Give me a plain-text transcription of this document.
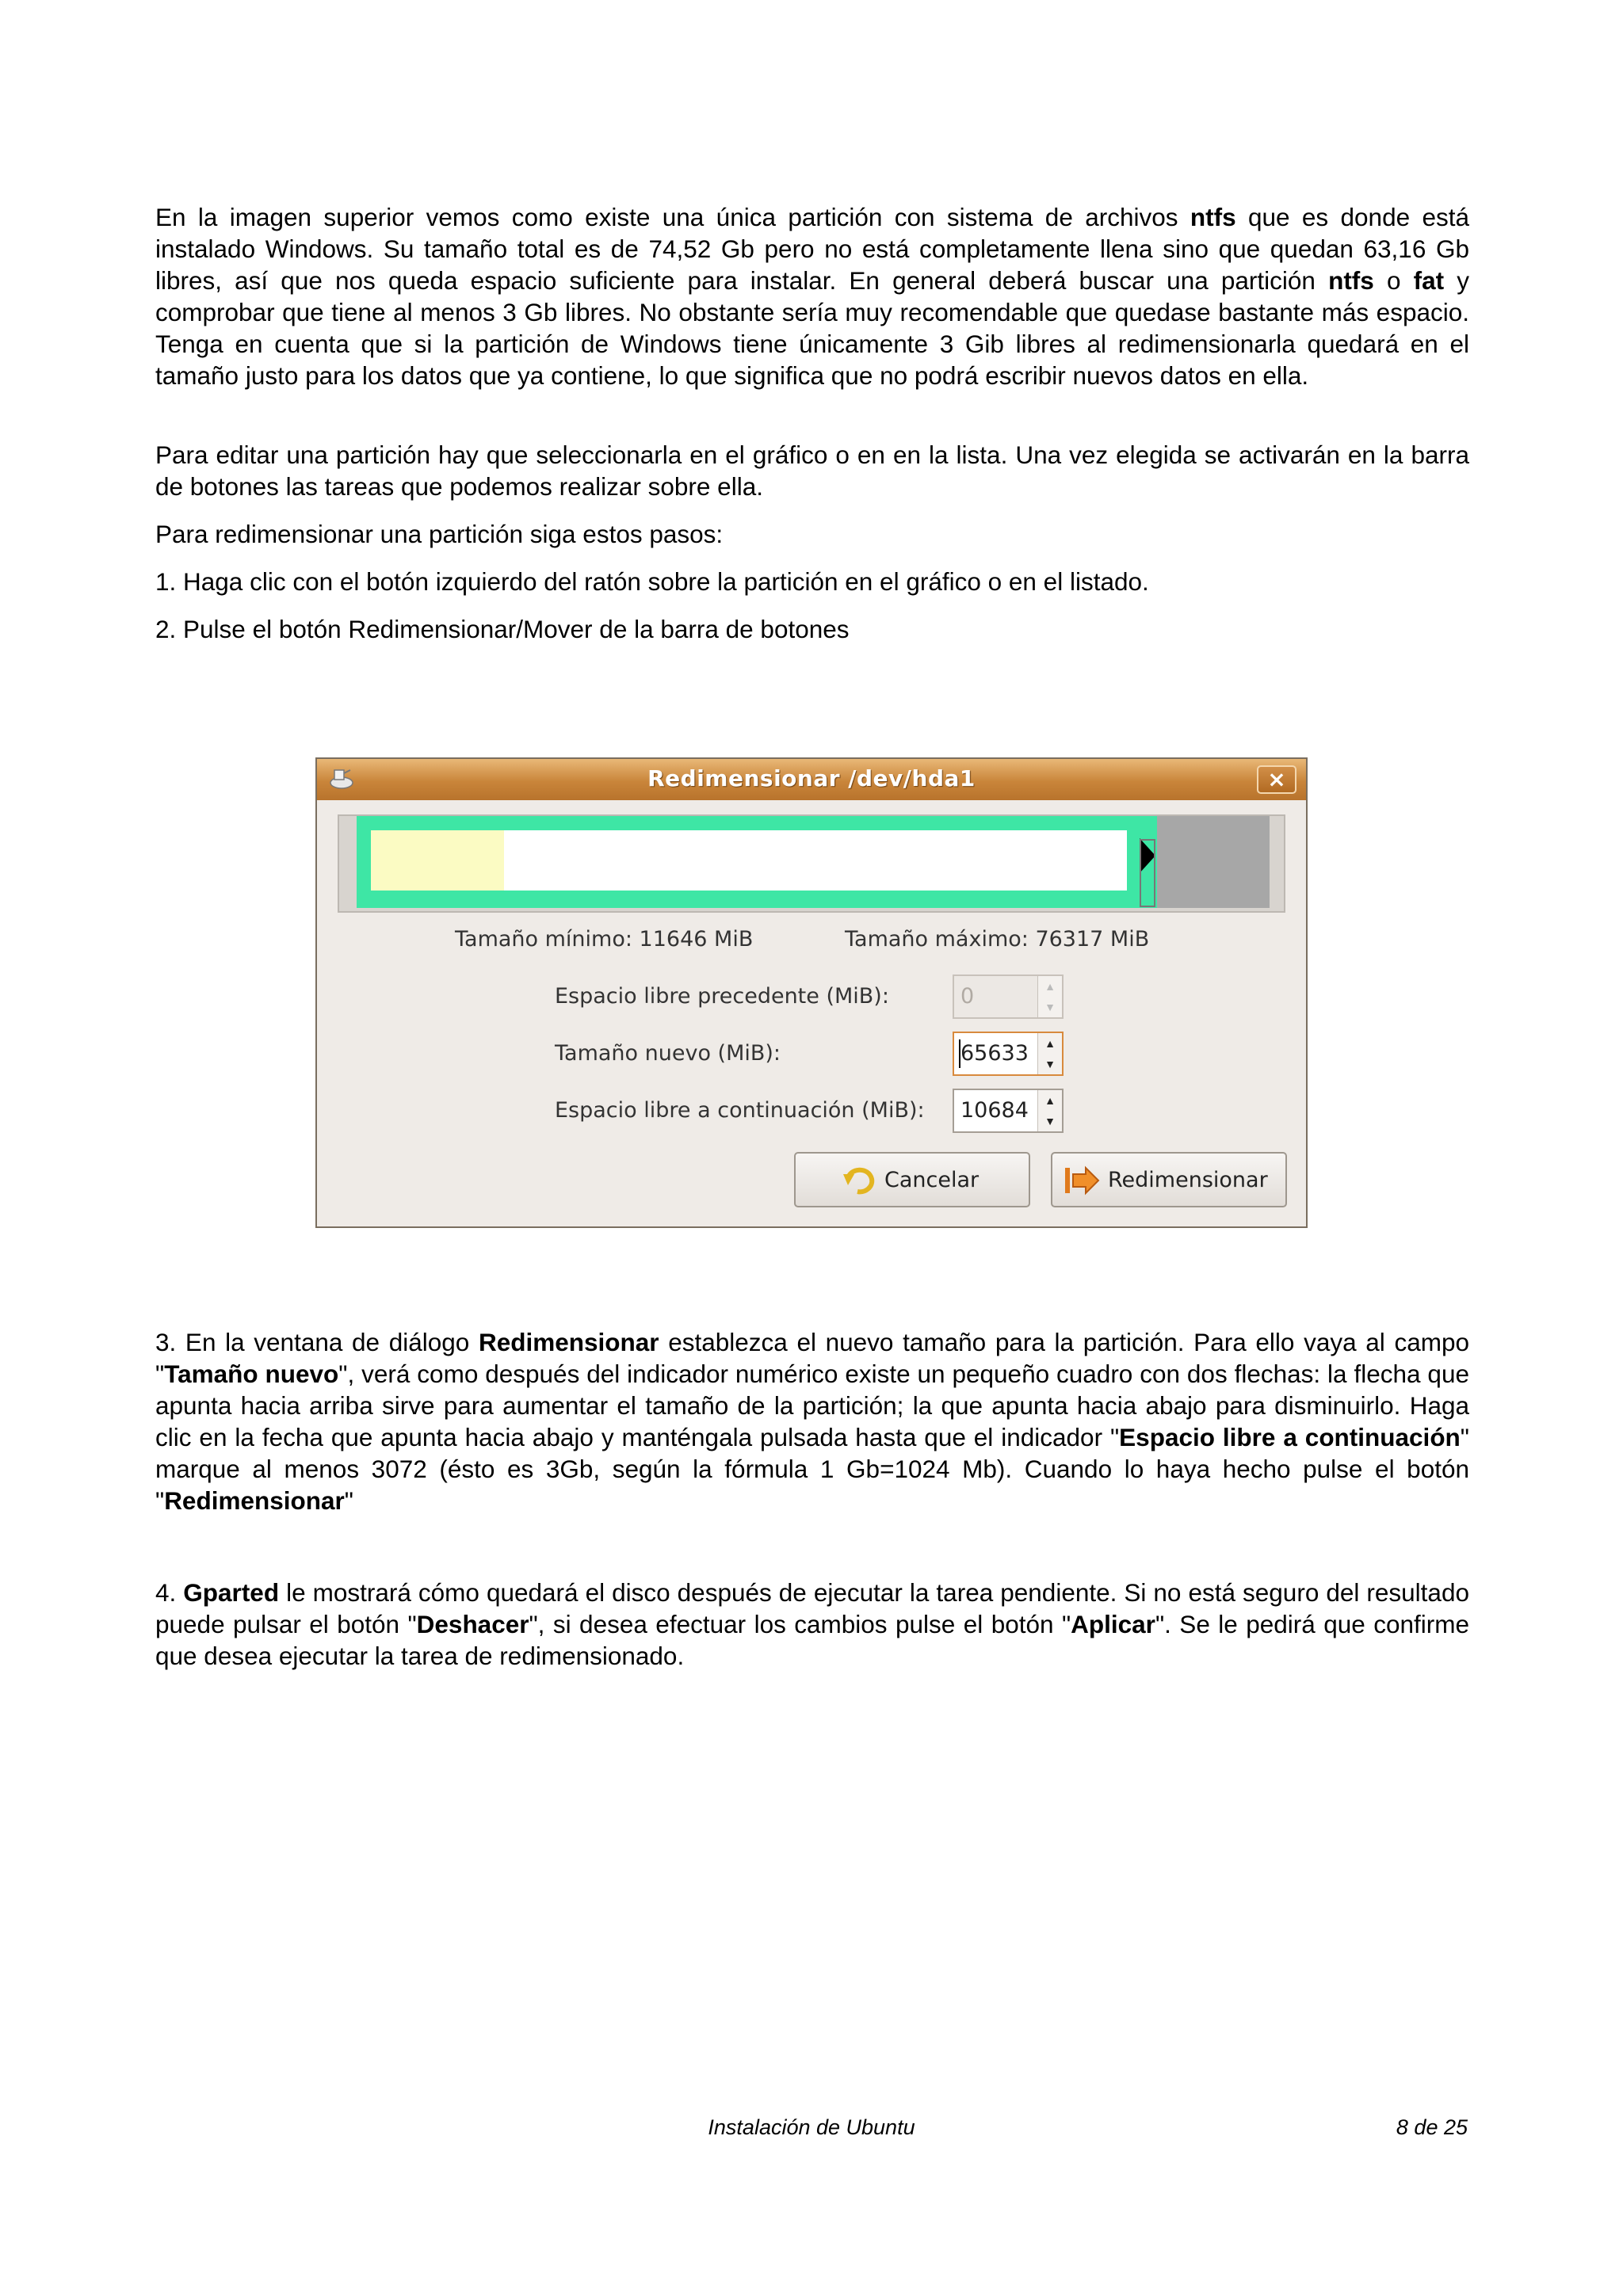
En la imagen superior vemos como existe una única partición con sistema de archivos ntfs que es donde está instalado Windows. Su tamaño total es de 74,52 Gb pero no está completamente llena sino que quedan 63,16 Gb libres, así que nos queda espacio suficiente para instalar. En general deberá buscar una partición ntfs o fat y comprobar que tiene al menos 3 Gb libres. No obstante sería muy recomendable que quedase bastante más espacio. Tenga en cuenta que si la partición de Windows tiene únicamente 3 Gib libres al redimensionarla quedará en el tamaño justo para los datos que ya contiene, lo que significa que no podrá escribir nuevos datos en ella.

Para editar una partición hay que seleccionarla en el gráfico o en en la lista. Una vez elegida se activarán en la barra de botones las tareas que podemos realizar sobre ella.

Para redimensionar una partición siga estos pasos:

1. Haga clic con el botón izquierdo del ratón sobre la partición en el gráfico o en el listado.

2. Pulse el botón Redimensionar/Mover de la barra de botones

Redimensionar /dev/hda1	×
Tamaño mínimo: 11646 MiB	Tamaño máximo: 76317 MiB
Espacio libre precedente (MiB):	0	▲
▼
Tamaño nuevo (MiB):	65633	▲
▼
Espacio libre a continuación (MiB): 10684	▲
▼
Cancelar	Redimensionar

3. En la ventana de diálogo Redimensionar establezca el nuevo tamaño para la partición. Para ello vaya al campo "Tamaño nuevo", verá como después del indicador numérico existe un pequeño cuadro con dos flechas: la flecha que apunta hacia arriba sirve para aumentar el tamaño de la partición; la que apunta hacia abajo para disminuirlo. Haga clic en la fecha que apunta hacia abajo y manténgala pulsada hasta que el indicador "Espacio libre a continuación" marque al menos 3072 (ésto es 3Gb, según la fórmula 1 Gb=1024 Mb). Cuando lo haya hecho pulse el botón "Redimensionar"

4. Gparted le mostrará cómo quedará el disco después de ejecutar la tarea pendiente. Si no está seguro del resultado puede pulsar el botón "Deshacer", si desea efectuar los cambios pulse el botón "Aplicar". Se le pedirá que confirme que desea ejecutar la tarea de redimensionado.

Instalación de Ubuntu	8 de 25
